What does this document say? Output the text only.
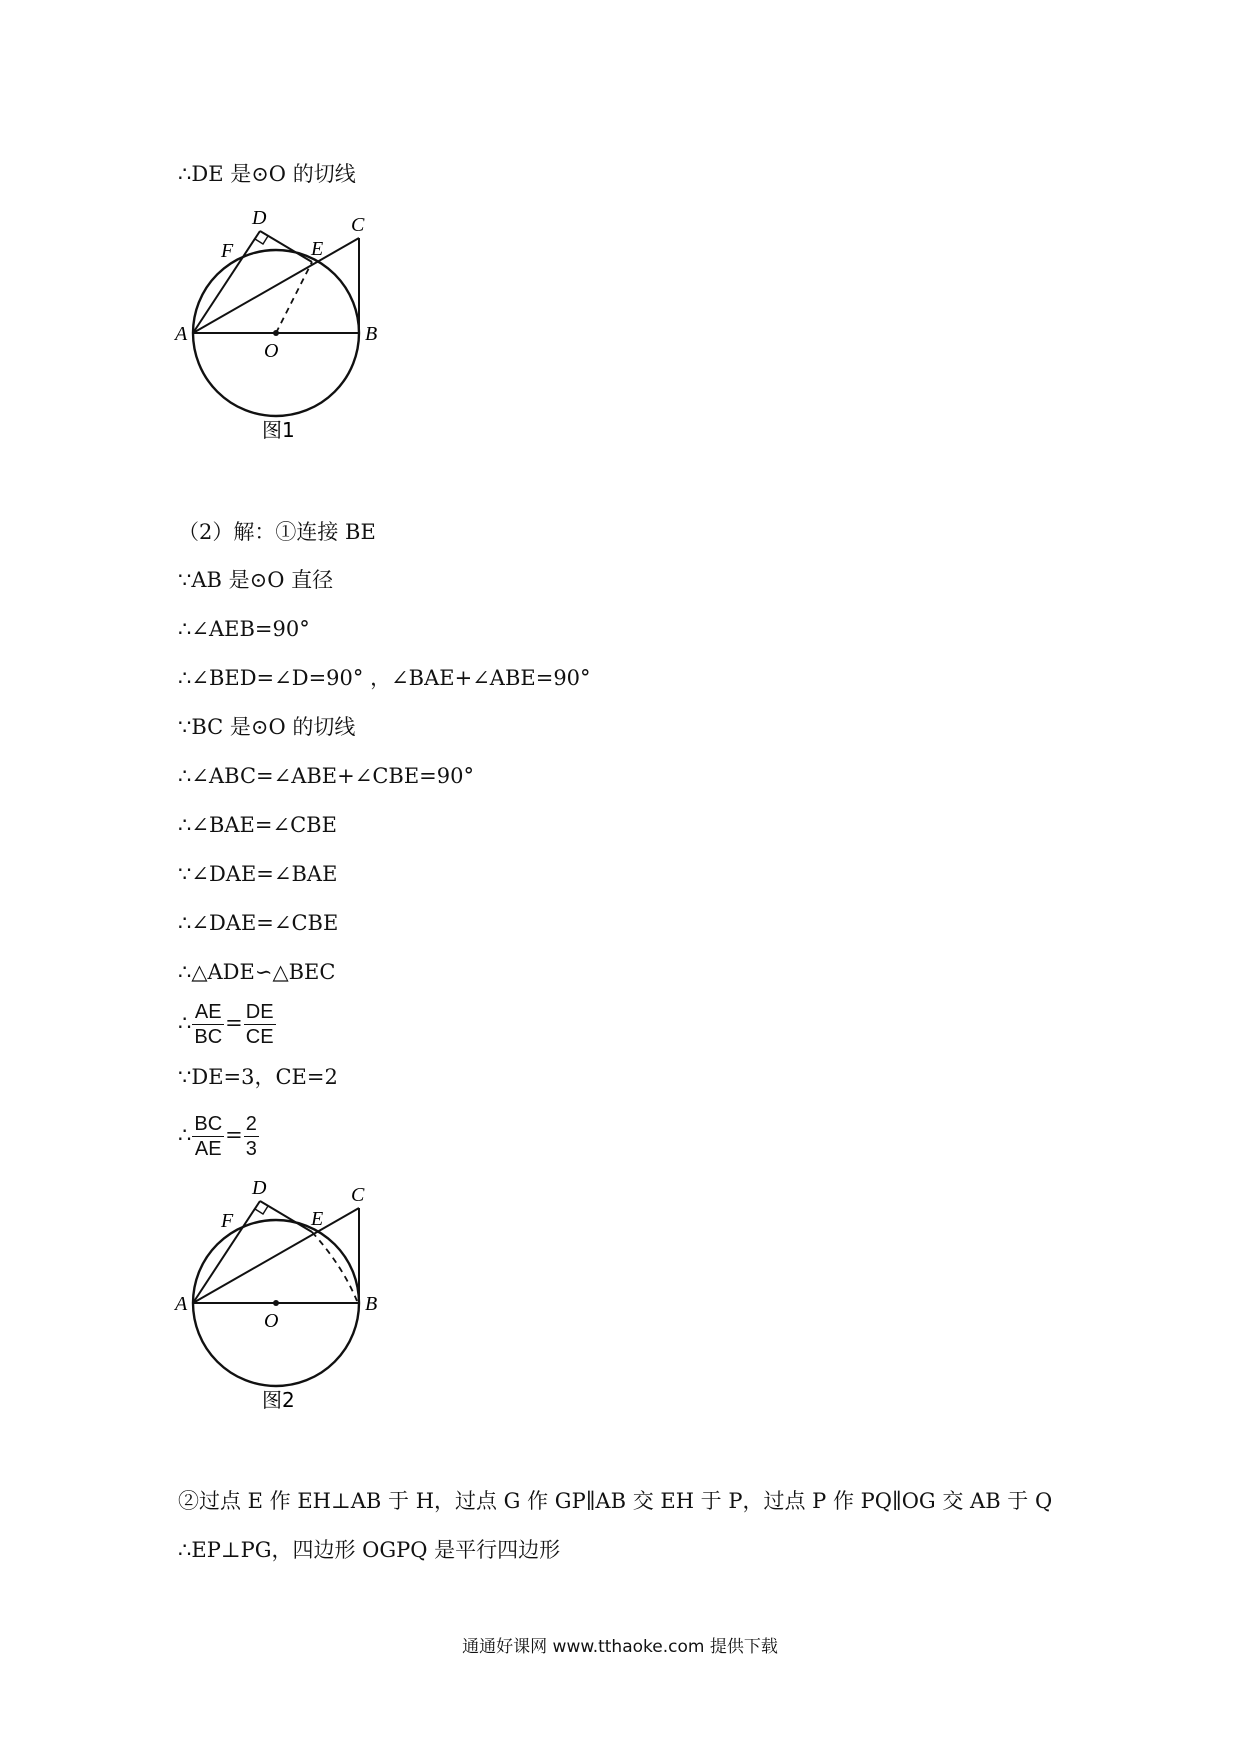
∴DE 是⊙O 的切线
A	B
C
D
E
F
O
图1
（2）解：①连接 BE
∵AB 是⊙O 直径
∴∠AEB=90°
∴∠BED=∠D=90° ，∠BAE+∠ABE=90°
∵BC 是⊙O 的切线
∴∠ABC=∠ABE+∠CBE=90°
∴∠BAE=∠CBE
∵∠DAE=∠BAE
∴∠DAE=∠CBE
∴△ADE∽△BEC
∴ $\frac{AE}{BC} = \frac{DE}{CE}$
∵DE=3，CE=2
∴ $\frac{BC}{AE} = \frac{2}{3}$
A	B
C
D
E
F
O
图2
②过点 E 作 EH⊥AB 于 H，过点 G 作 GP∥AB 交 EH 于 P，过点 P 作 PQ∥OG 交 AB 于 Q
∴EP⊥PG，四边形 OGPQ 是平行四边形
通通好课网 www.tthaoke.com 提供下载
